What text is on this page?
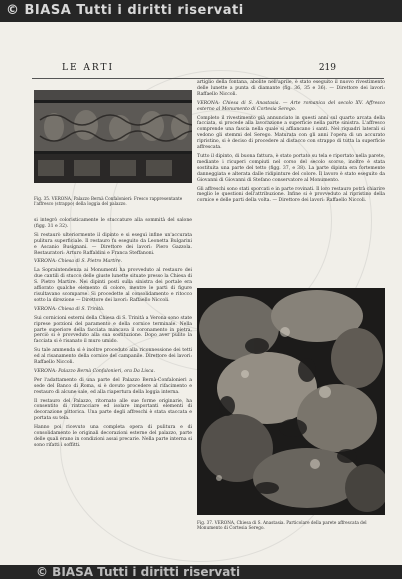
© BIASA Tutti i diritti riservati
LE ARTI	219
Fig. 35. VERONA, Palazzo Bernà Confalonieri: Fresco rappresentante l'affresco (strappo) della loggia del palazzo.

si integrò coloristicamente le stuccature alla sommità del salone (figg. 31 e 32).

Si restaurò ulteriormente il dipinto e si eseguì infine un'accurata pulitura superficiale. Il restauro fu eseguito da Leonetta Bulgarini e Ascanio Busignani. — Direttore dei lavori: Piero Gazzola. Restauratori: Arturo Raffaldini e Franca Steffanoni.

VERONA: Chiesa di S. Pietro Martire.

La Sopraintendenza ai Monumenti ha provveduto al restauro dei due cantili di stucco delle giuste lunette situate presso la Chiesa di S. Pietro Martire. Nei dipinti posti sulla sinistra dei portale era affiorato qualche elemento di colore, mentre le parti di figure risultavano scomparse. Si procedette al consolidamento e ritocco sotto la direzione — Direttore dei lavori: Raffaello Niccoli.

VERONA: Chiesa di S. Trinità.

Sui cornicioni esterni della Chiesa di S. Trinità a Verona sono state riprese porzioni del paramento e della cornice terminale. Nella parte superiore della facciata mancava il coronamento in pietra, perciò si è provveduto alla sua sostituzione. Dopo aver pulito la facciata si è risanato il muro umido.

Su tale ammenda si è inoltre proceduto alla riconnessione dei tetti ed al risanamento della cornice del campanile. Direttore dei lavori: Raffaello Niccoli.

VERONA: Palazzo Bernà Confalonieri, ora Da Lisca.

Per l'adattamento di una parte del Palazzo Bernà-Confalonieri a sede del Banco di Roma, si è dovuto procedere al rifacimento e restauro di alcune sale, ed alla riapertura della loggia interna.

Il restauro del Palazzo, ritornato alle sue forme originarie, ha consentito di rintracciare ed isolare importanti elementi di decorazione pittorica. Una parte degli affreschi è stata staccata e portata su tela.

Hanno poi ricevuto una completa opera di pulitura e di consolidamento le originali decorazioni esterne del palazzo, parte delle quali erano in condizioni assai precarie. Nella parte interna si sono rifatti i soffitti.

artiglio della fontana, abolite nell'aprile, è stato eseguito il nuovo rivestimento delle lunette a punta di diamante (fig. 36, 35 e 36). — Direttore dei lavori: Raffaello Niccoli.

VERONA: Chiesa di S. Anastasia. — Arte romanica del secolo XV. Affresco esterno al Monumento di Cortesia Serego.

Completo il rivestimento già annunciato in questi anni sul quarto arcata della facciata, si procede alla lavorazione a superficie nella parte sinistra. L'affresco comprende una fascia nella quale si affiancano i santi. Nei riquadri laterali si vedono gli stemmi del Serego. Maturata con gli anni l'opera di un accurato ripristino, si è deciso di procedere al distacco con strappo di tutta la superficie affrescata.

Tutto il dipinto, di buona fattura, è stato portato su tela e riportato nella parete, mediante i ricuperi compiuti nel corso del secolo scorso, inoltre è stata sostituita una parte del tetto (figg. 37, e 38). La parte dipinta era fortemente danneggiata e alterata dalle ridipinture del colore. Il lavoro è stato eseguito da Giovanni di Giovanni di Stefano conservatore al Monumento.

Gli affreschi sono stati sporcati e in parte rovinati. Il loro restauro potrà chiarire meglio le questioni dell'attribuzione. Infine si è provveduto al ripristino della cornice e delle parti della volta. — Direttore dei lavori: Raffaello Niccoli.

Fig. 37. VERONA, Chiesa di S. Anastasia. Particolare della parete affrescata del Monumento di Cortesia Serego.
© BIASA Tutti i diritti riservati
